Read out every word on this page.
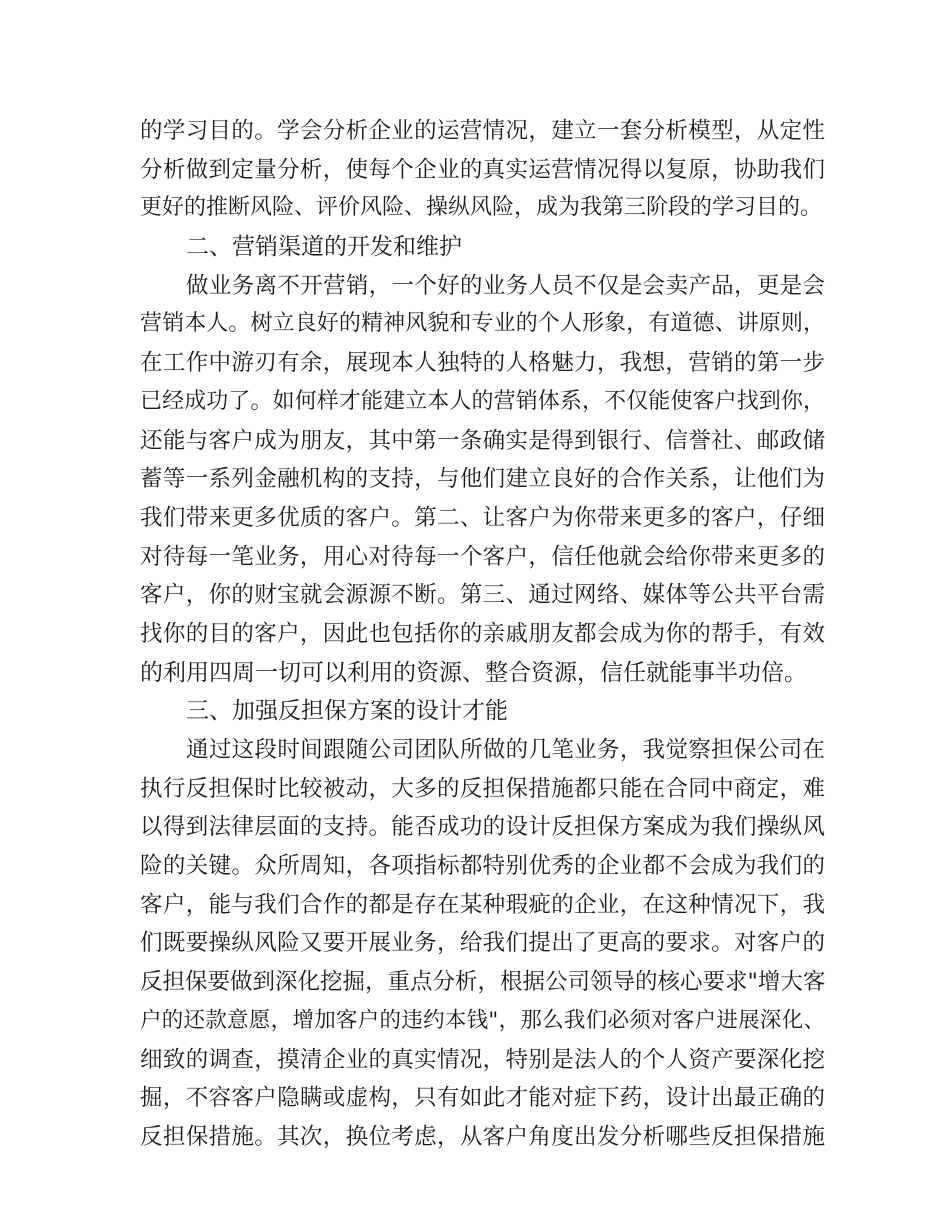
的学习目的。学会分析企业的运营情况，建立一套分析模型，从定性
分析做到定量分析，使每个企业的真实运营情况得以复原，协助我们
更好的推断风险、评价风险、操纵风险，成为我第三阶段的学习目的。
二、营销渠道的开发和维护
做业务离不开营销，一个好的业务人员不仅是会卖产品，更是会
营销本人。树立良好的精神风貌和专业的个人形象，有道德、讲原则，
在工作中游刃有余，展现本人独特的人格魅力，我想，营销的第一步
已经成功了。如何样才能建立本人的营销体系，不仅能使客户找到你，
还能与客户成为朋友，其中第一条确实是得到银行、信誉社、邮政储
蓄等一系列金融机构的支持，与他们建立良好的合作关系，让他们为
我们带来更多优质的客户。第二、让客户为你带来更多的客户，仔细
对待每一笔业务，用心对待每一个客户，信任他就会给你带来更多的
客户，你的财宝就会源源不断。第三、通过网络、媒体等公共平台需
找你的目的客户，因此也包括你的亲戚朋友都会成为你的帮手，有效
的利用四周一切可以利用的资源、整合资源，信任就能事半功倍。
三、加强反担保方案的设计才能
通过这段时间跟随公司团队所做的几笔业务，我觉察担保公司在
执行反担保时比较被动，大多的反担保措施都只能在合同中商定，难
以得到法律层面的支持。能否成功的设计反担保方案成为我们操纵风
险的关键。众所周知，各项指标都特别优秀的企业都不会成为我们的
客户，能与我们合作的都是存在某种瑕疵的企业，在这种情况下，我
们既要操纵风险又要开展业务，给我们提出了更高的要求。对客户的
反担保要做到深化挖掘，重点分析，根据公司领导的核心要求"增大客
户的还款意愿，增加客户的违约本钱"，那么我们必须对客户进展深化、
细致的调查，摸清企业的真实情况，特别是法人的个人资产要深化挖
掘，不容客户隐瞒或虚构，只有如此才能对症下药，设计出最正确的
反担保措施。其次，换位考虑，从客户角度出发分析哪些反担保措施
